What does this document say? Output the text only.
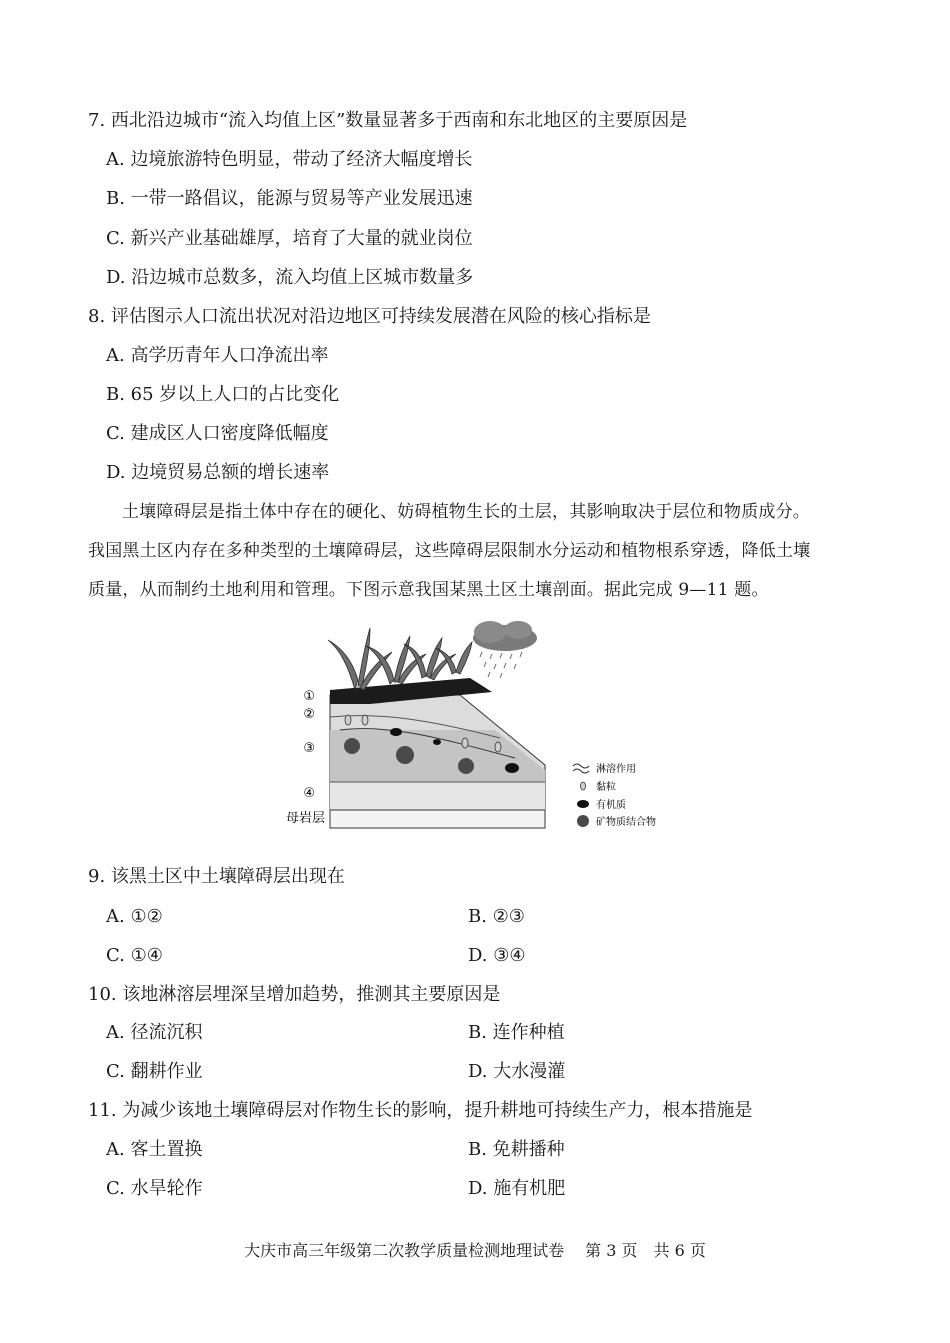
7. 西北沿边城市“流入均值上区”数量显著多于西南和东北地区的主要原因是
A. 边境旅游特色明显，带动了经济大幅度增长
B. 一带一路倡议，能源与贸易等产业发展迅速
C. 新兴产业基础雄厚，培育了大量的就业岗位
D. 沿边城市总数多，流入均值上区城市数量多
8. 评估图示人口流出状况对沿边地区可持续发展潜在风险的核心指标是
A. 高学历青年人口净流出率
B. 65 岁以上人口的占比变化
C. 建成区人口密度降低幅度
D. 边境贸易总额的增长速率
土壤障碍层是指土体中存在的硬化、妨碍植物生长的土层，其影响取决于层位和物质成分。
我国黑土区内存在多种类型的土壤障碍层，这些障碍层限制水分运动和植物根系穿透，降低土壤
质量，从而制约土地利用和管理。下图示意我国某黑土区土壤剖面。据此完成 9—11 题。
①
②
③
④
母岩层
淋溶作用
黏粒
有机质
矿物质结合物
9. 该黑土区中土壤障碍层出现在
A. ①②	B. ②③
C. ①④	D. ③④
10. 该地淋溶层埋深呈增加趋势，推测其主要原因是
A. 径流沉积	B. 连作种植
C. 翻耕作业	D. 大水漫灌
11. 为减少该地土壤障碍层对作物生长的影响，提升耕地可持续生产力，根本措施是
A. 客土置换	B. 免耕播种
C. 水旱轮作	D. 施有机肥
大庆市高三年级第二次教学质量检测地理试卷　 第 3 页　共 6 页
